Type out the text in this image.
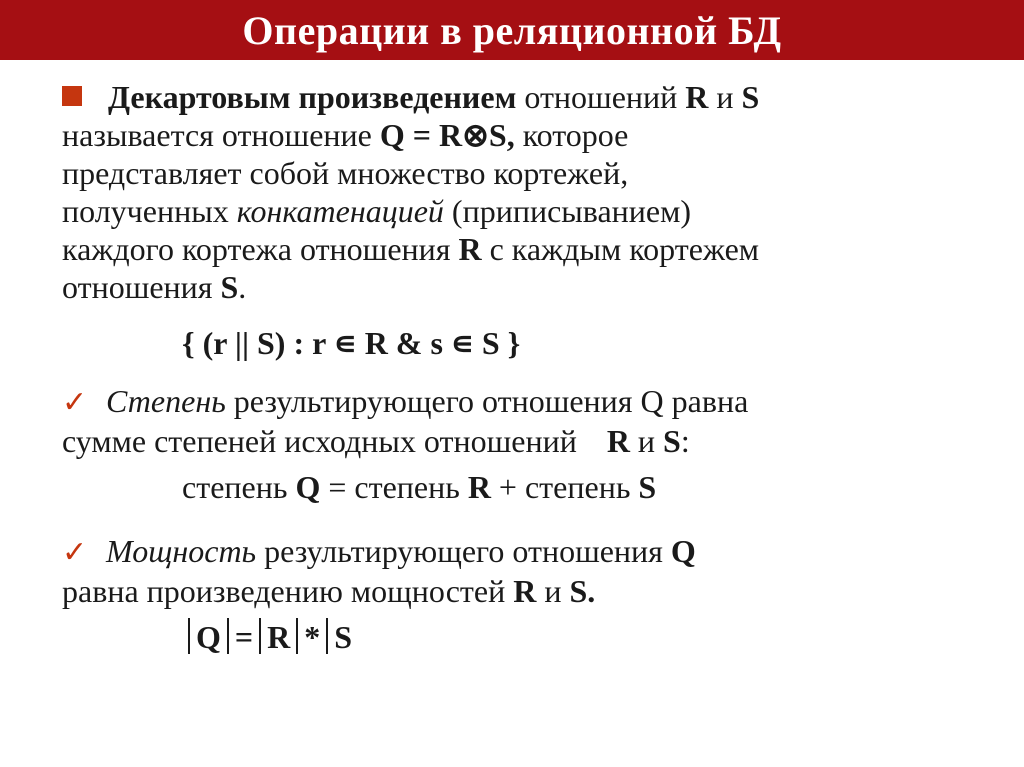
Операции в реляционной БД

Декартовым произведением отношений R и S
называется отношение Q = R⊗S, которое
представляет собой множество кортежей,
полученных конкатенацией (приписыванием)
каждого кортежа отношения R с каждым кортежем
отношения S.

{ (r || S) : r ∊ R & s ∊ S }

✓ Степень результирующего отношения Q равна
сумме степеней исходных отношений R и S:

степень Q = степень R + степень S

✓ Мощность результирующего отношения Q
равна произведению мощностей R и S.

Q = R * S
